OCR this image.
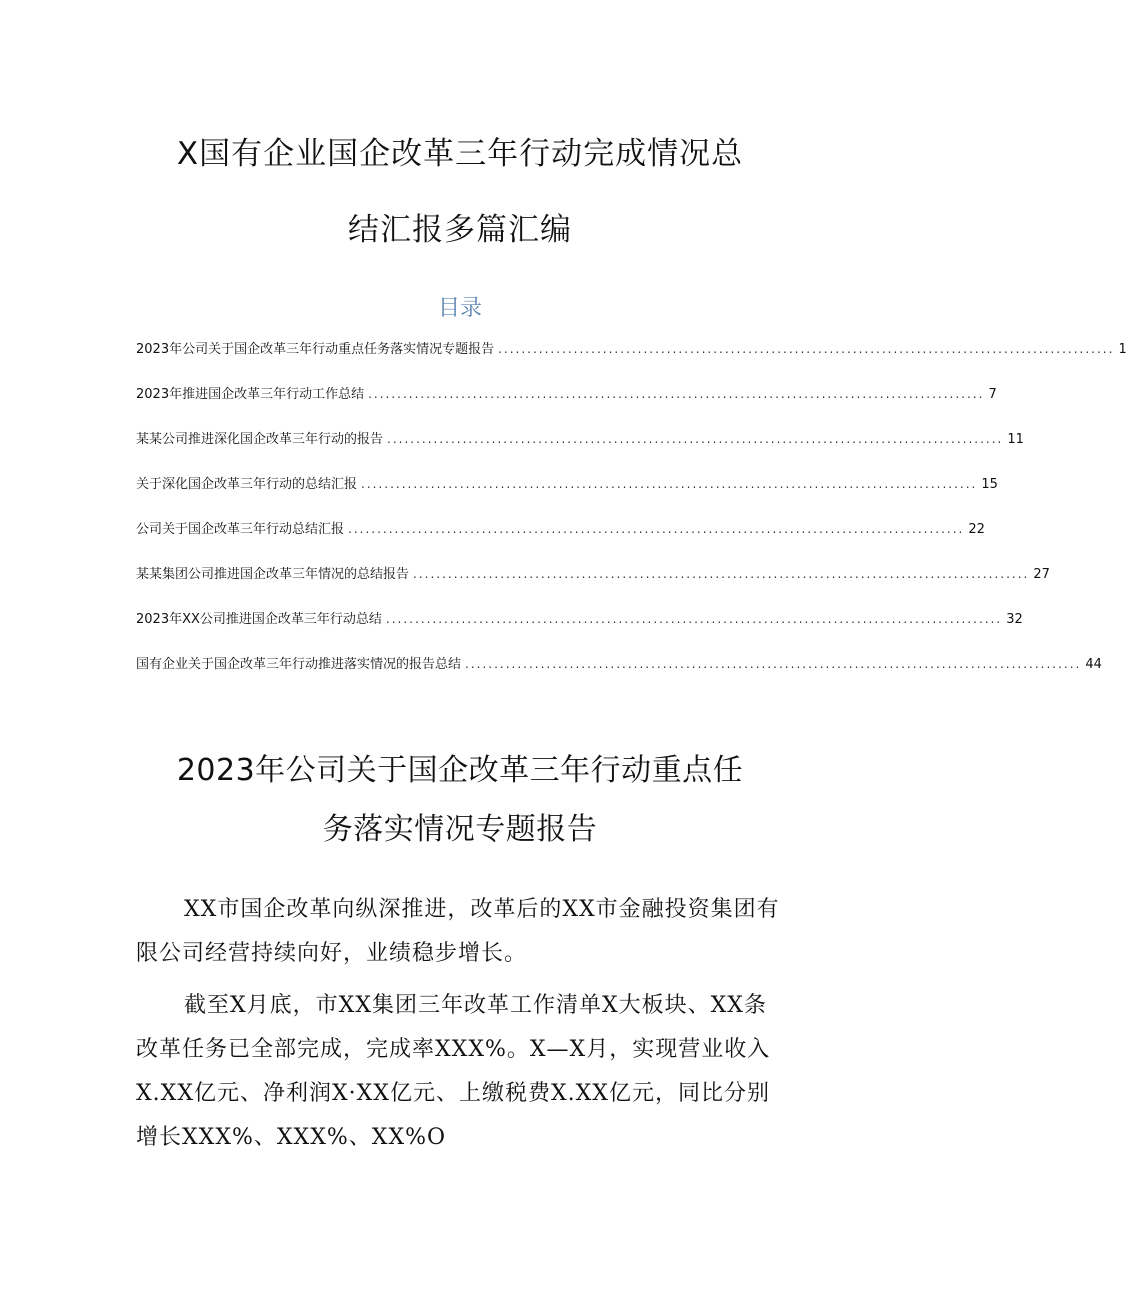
X国有企业国企改革三年行动完成情况总
结汇报多篇汇编
目录
2023年公司关于国企改革三年行动重点任务落实情况专题报告 .......................................................................................................... 1
2023年推进国企改革三年行动工作总结 .......................................................................................................... 7
某某公司推进深化国企改革三年行动的报告 .......................................................................................................... 11
关于深化国企改革三年行动的总结汇报 .......................................................................................................... 15
公司关于国企改革三年行动总结汇报 .......................................................................................................... 22
某某集团公司推进国企改革三年情况的总结报告 .......................................................................................................... 27
2023年XX公司推进国企改革三年行动总结 .......................................................................................................... 32
国有企业关于国企改革三年行动推进落实情况的报告总结 .......................................................................................................... 44
2023年公司关于国企改革三年行动重点任
务落实情况专题报告
XX市国企改革向纵深推进，改革后的XX市金融投资集团有限公司经营持续向好，业绩稳步增长。
截至X月底，市XX集团三年改革工作清单X大板块、XX条改革任务已全部完成，完成率XXX%。X—X月，实现营业收入X.XX亿元、净利润X·XX亿元、上缴税费X.XX亿元，同比分别增长XXX%、XXX%、XX%O
